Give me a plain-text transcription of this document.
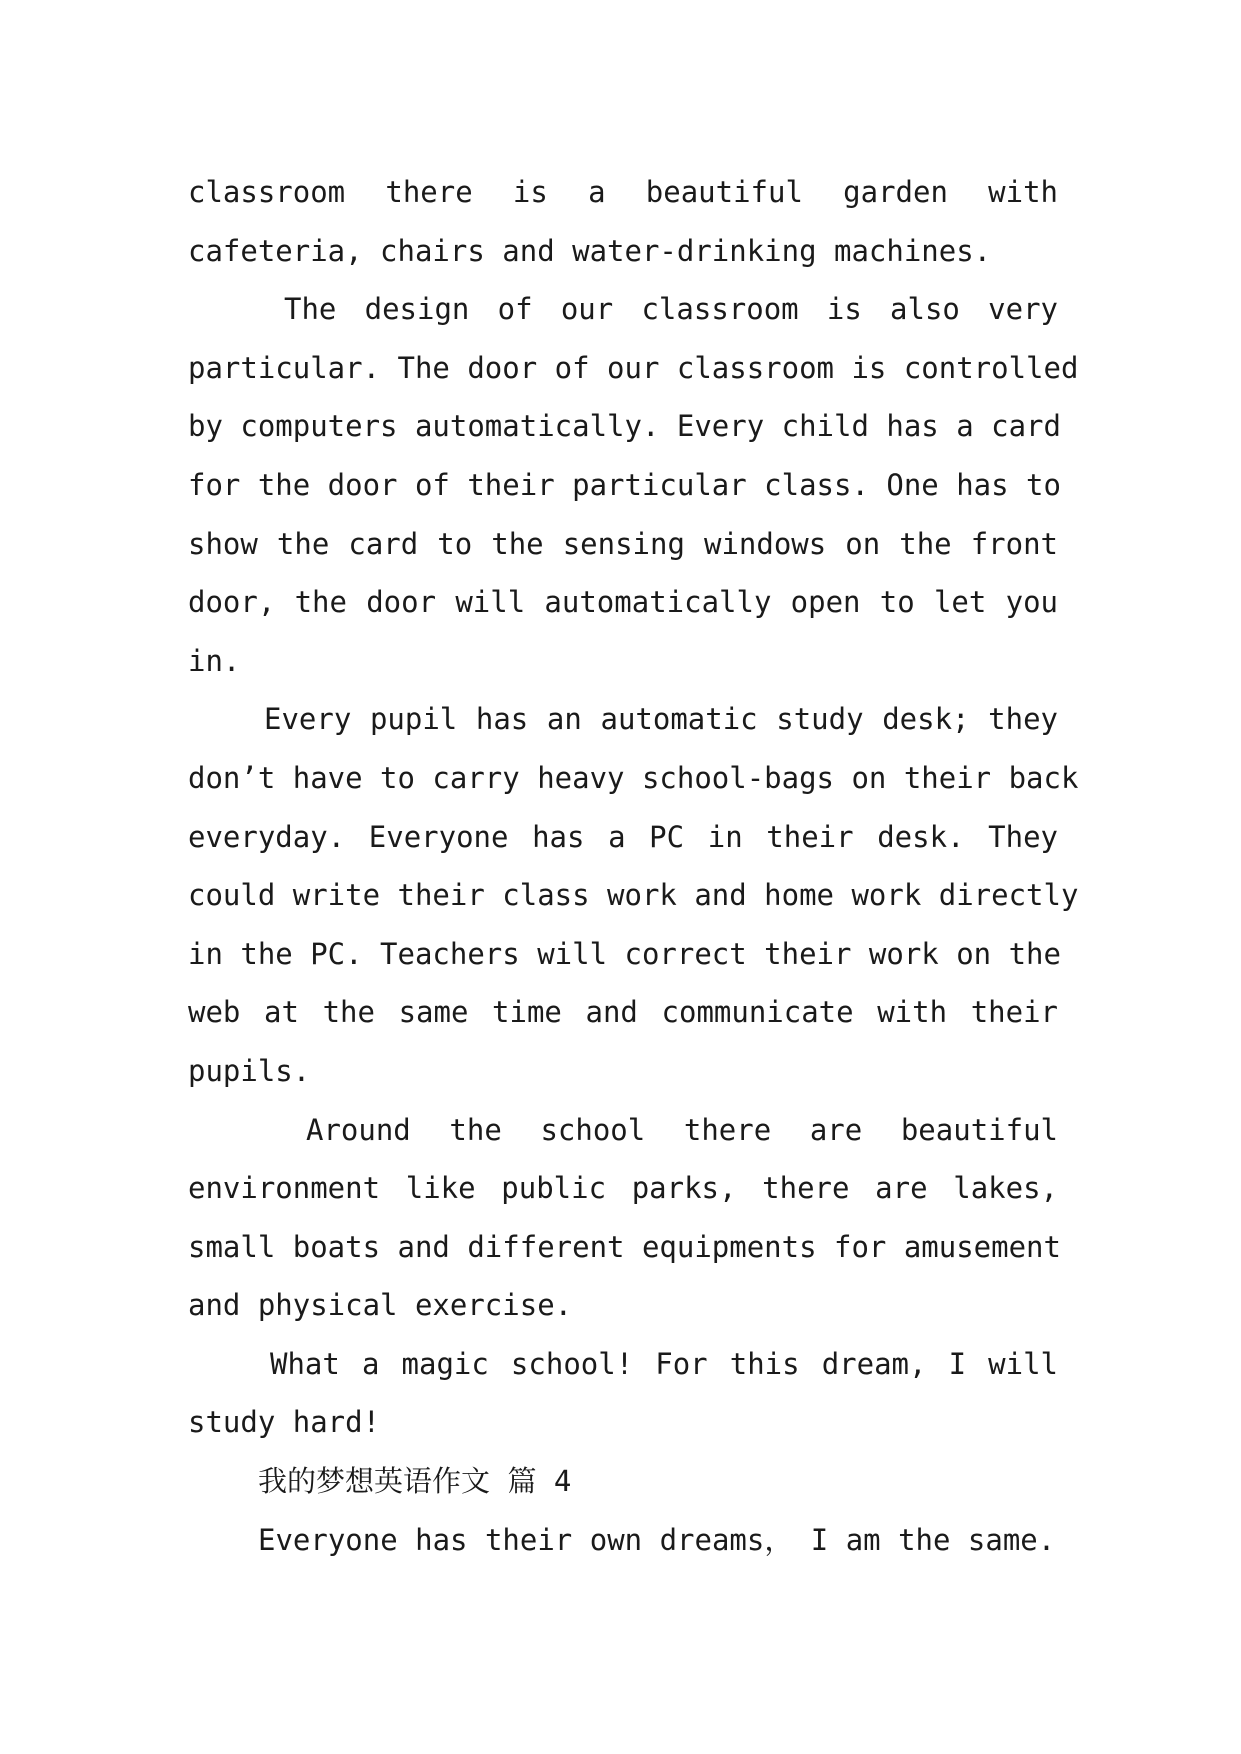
classroom there is a beautiful garden with
cafeteria, chairs and water-drinking machines.
The design of our classroom is also very
particular. The door of our classroom is controlled
by computers automatically. Every child has a card
for the door of their particular class. One has to
show the card to the sensing windows on the front
door, the door will automatically open to let you
in.
Every pupil has an automatic study desk; they
don’t have to carry heavy school-bags on their back
everyday. Everyone has a PC in their desk. They
could write their class work and home work directly
in the PC. Teachers will correct their work on the
web at the same time and communicate with their
pupils.
Around the school there are beautiful
environment like public parks, there are lakes,
small boats and different equipments for amusement
and physical exercise.
What a magic school! For this dream, I will
study hard!
我的梦想英语作文 篇 4
Everyone has their own dreams， I am the same.
